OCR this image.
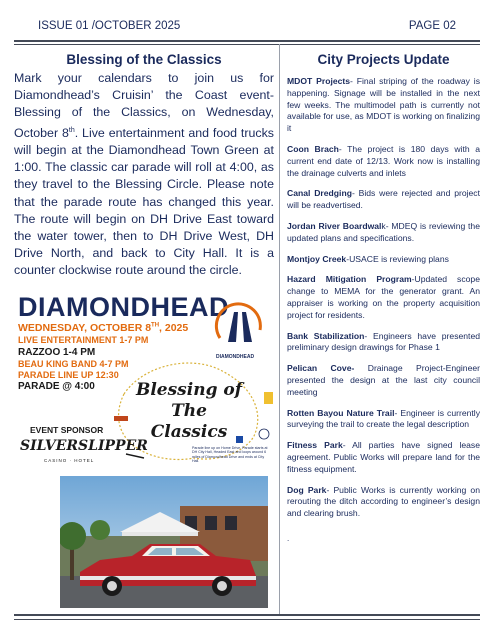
ISSUE 01 /OCTOBER 2025	PAGE 02
Blessing of the Classics

Mark your calendars to join us for Diamondhead’s Cruisin’ the Coast event- Blessing of the Classics, on Wednesday, October 8th. Live entertainment and food trucks will begin at the Diamondhead Town Green at 1:00. The classic car parade will roll at 4:00, as they travel to the Blessing Circle. Please note that the parade route has changed this year. The route will begin on DH Drive East toward the water tower, then to DH Drive West, DH Drive North, and back to City Hall. It is a counter clockwise route around the circle.

DIAMONDHEAD
WEDNESDAY, OCTOBER 8TH, 2025
LIVE ENTERTAINMENT 1-7 PM
RAZZOO 1-4 PM
BEAU KING BAND 4-7 PM
PARADE LINE UP 12:30
PARADE @ 4:00 Blessing of
The Classics
DIAMONDHEAD
EVENT SPONSOR
SILVERSLIPPER
CASINO · HOTEL
Parade line up on Home Drive. Parade starts at DH City Hall, Headed East and loops around 6 miles of Diamondhead Drive and ends at City Hall.
City Projects Update

MDOT Projects- Final striping of the roadway is happening. Signage will be installed in the next few weeks. The multimodel path is currently not available for use, as MDOT is working on finalizing it

Coon Brach- The project is 180 days with a current end date of 12/13. Work now is installing the drainage culverts and inlets

Canal Dredging- Bids were rejected and project will be readvertised.

Jordan River Boardwalk- MDEQ is reviewing the updated plans and specifications.

Montjoy Creek-USACE is reviewing plans

Hazard Mitigation Program-Updated scope change to MEMA for the generator grant. An appraiser is working on the property acquisition project for residents.

Bank Stabilization- Engineers have presented preliminary design drawings for Phase 1

Pelican Cove- Drainage Project-Engineer presented the design at the last city council meeting

Rotten Bayou Nature Trail- Engineer is currently surveying the trail to create the legal description

Fitness Park- All parties have signed lease agreement. Public Works will prepare land for the fitness equipment.

Dog Park- Public Works is currently working on rerouting the ditch according to engineer’s design and clearing brush.

.
